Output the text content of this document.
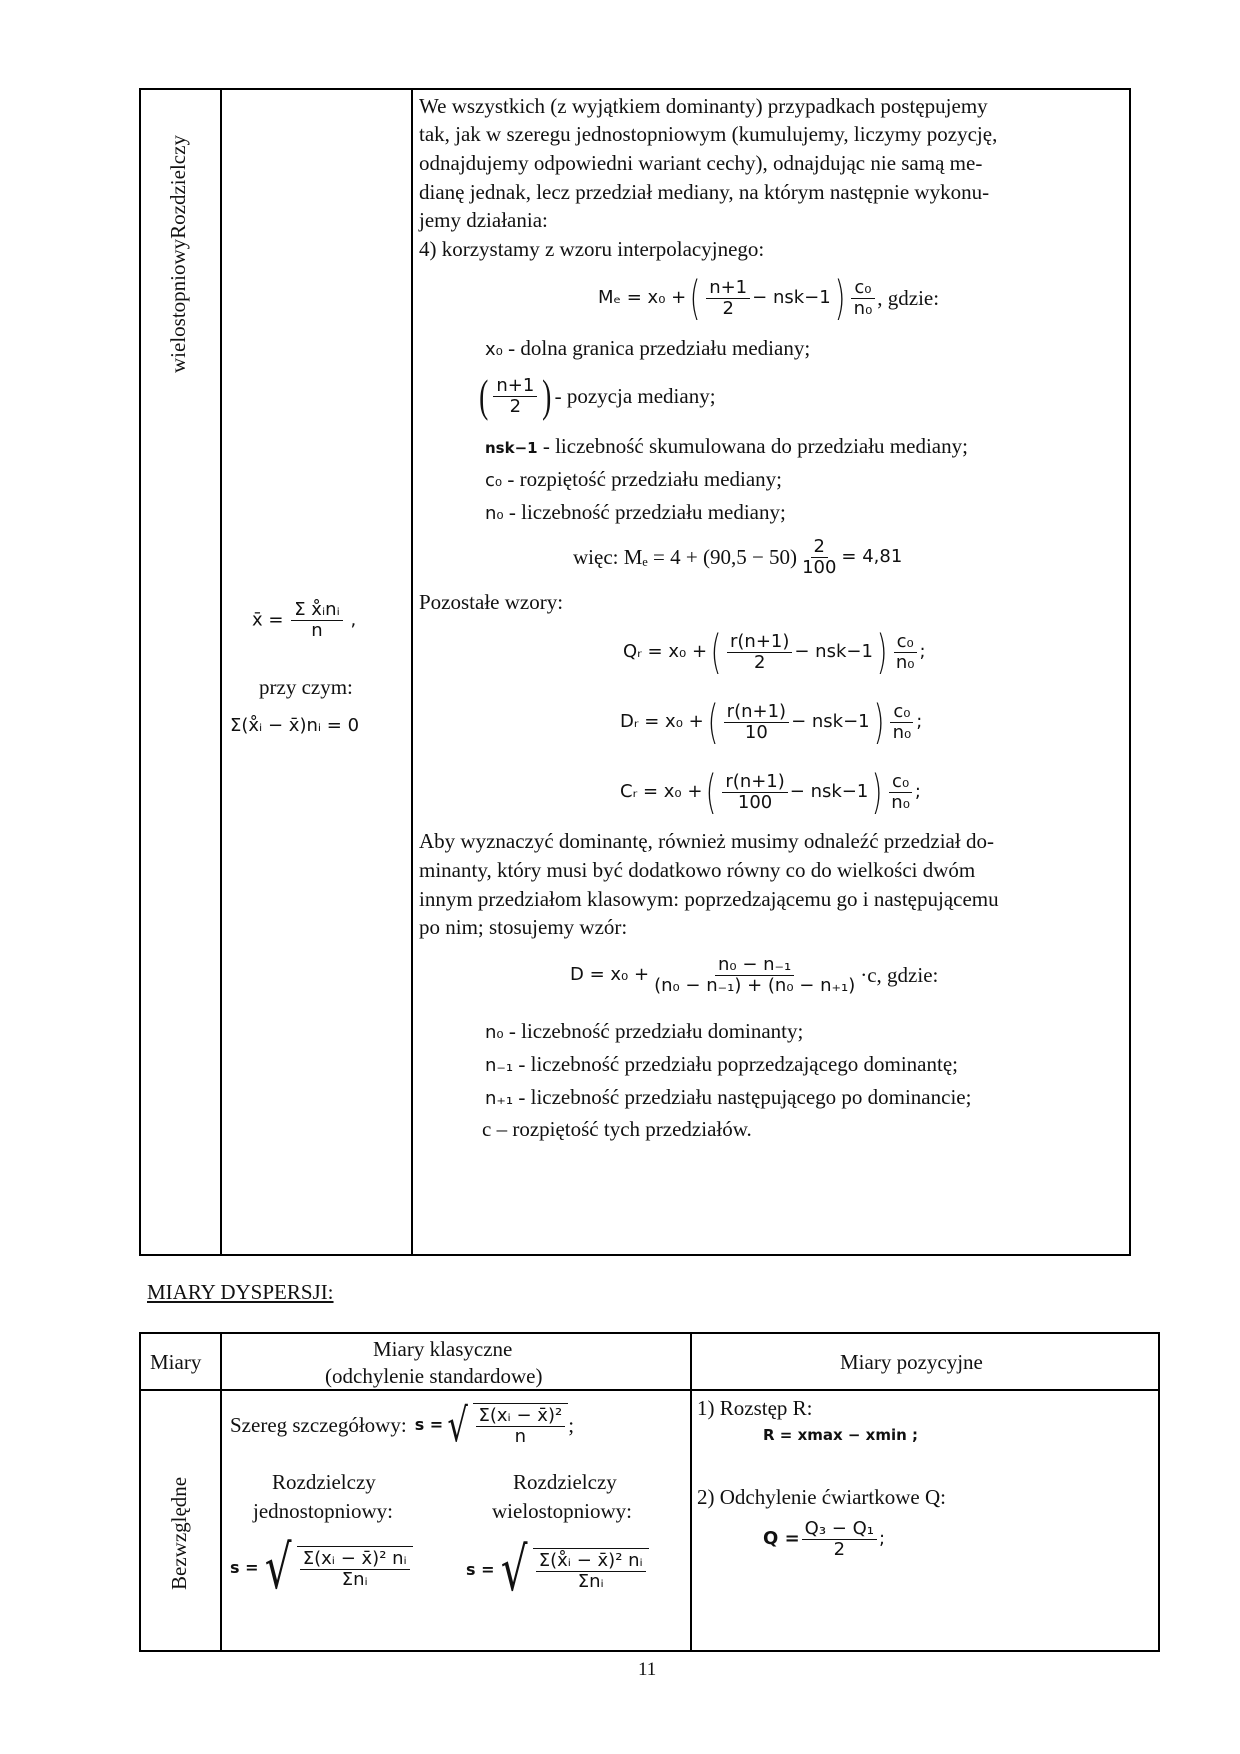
wielostopniowyRozdzielczy
x̄ = $\frac{\text{Σ x̊ᵢnᵢ}}{n}$ ,
przy czym:
Σ(x̊ᵢ − x̄)nᵢ = 0
We wszystkich (z wyjątkiem dominanty) przypadkach postępujemy
tak, jak w szeregu jednostopniowym (kumulujemy, liczymy pozycję,
odnajdujemy odpowiedni wariant cechy), odnajdując nie samą me-
dianę jednak, lecz przedział mediany, na którym następnie wykonu-
jemy działania:
4) korzystamy z wzoru interpolacyjnego:
Mₑ = x₀ + ( $\frac{n+1}{2} - nsk-1$ ) $\frac{\text{c₀}}{\text{n₀}}$ , gdzie:
x₀ - dolna granica przedziału mediany;
( $\frac{n+1}{2}$ ) - pozycja mediany;
nsk−1 - liczebność skumulowana do przedziału mediany;
c₀ - rozpiętość przedziału mediany;
n₀ - liczebność przedziału mediany;
więc: $M_e = 4 + (90,5 - 50) \frac{2}{100} = 4,81$
Pozostałe wzory:
Qᵣ = x₀ + ( $\frac{r(n+1)}{2} - nsk-1$ ) $\frac{\text{c₀}}{\text{n₀}}$ ;
Dᵣ = x₀ + ( $\frac{r(n+1)}{10} - nsk-1$ ) $\frac{\text{c₀}}{\text{n₀}}$ ;
Cᵣ = x₀ + ( $\frac{r(n+1)}{100} - nsk-1$ ) $\frac{\text{c₀}}{\text{n₀}}$ ;
Aby wyznaczyć dominantę, również musimy odnaleźć przedział do-
minanty, który musi być dodatkowo równy co do wielkości dwóm
innym przedziałom klasowym: poprzedzającemu go i następującemu
po nim; stosujemy wzór:
$D = x_0 + \frac{\text{n₀ − n₋₁}}{\text{(n₀ − n₋₁) + (n₀ − n₊₁)}} \cdot c$, gdzie:
n₀ - liczebność przedziału dominanty;
n₋₁ - liczebność przedziału poprzedzającego dominantę;
n₊₁ - liczebność przedziału następującego po dominancie;
c – rozpiętość tych przedziałów.
MIARY DYSPERSJI:
Miary
Miary klasyczne
(odchylenie standardowe)
Miary pozycyjne
Bezwzględne
Szereg szczegółowy: s = √ $\frac{\text{Σ(xᵢ − x̄)²}}{n}$ ;
Rozdzielczy
jednostopniowy:
Rozdzielczy
wielostopniowy:
s = √ $\frac{\text{Σ(xᵢ − x̄)² nᵢ}}{\text{Σnᵢ}}$	s = √ $\frac{\text{Σ(x̊ᵢ − x̄)² nᵢ}}{\text{Σnᵢ}}$
1) Rozstęp R:
R = xmax − xmin ;
2) Odchylenie ćwiartkowe Q:
$Q = \frac{\text{Q₃ − Q₁}}{2}$ ;
11
